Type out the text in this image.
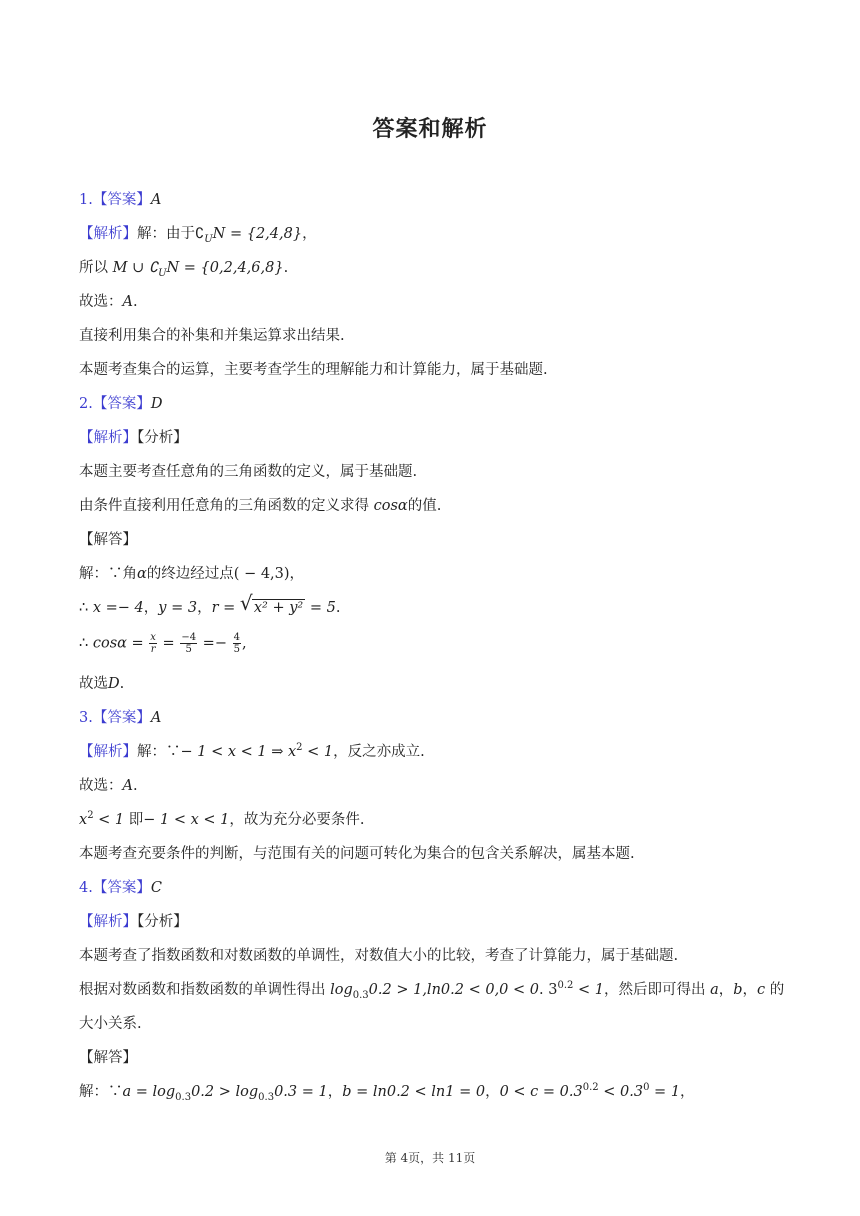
答案和解析
1.【答案】A
【解析】解：由于$∁_UN = \{2,4,8\}$，
所以 M ∪ $∁_UN = \{0,2,4,6,8\}$.
故选：A.
直接利用集合的补集和并集运算求出结果.
本题考查集合的运算，主要考查学生的理解能力和计算能力，属于基础题.
2.【答案】D
【解析】【分析】
本题主要考查任意角的三角函数的定义，属于基础题.
由条件直接利用任意角的三角函数的定义求得 cosα的值.
【解答】
解：∵角α的终边经过点( − 4,3)，
∴ x =− 4，y = 3，r = √ x² + y² = 5.
∴ $\cos\alpha = \frac{x}{r} = \frac{-4}{5} =- \frac{4}{5}$ ,
故选D.
3.【答案】A
【解析】解：∵− 1 < x < 1 ⇒ $x^2 < 1$，反之亦成立.
故选：A.
$x^2 < 1$ 即− 1 < x < 1，故为充分必要条件.
本题考查充要条件的判断，与范围有关的问题可转化为集合的包含关系解决，属基本题.
4.【答案】C
【解析】【分析】
本题考查了指数函数和对数函数的单调性，对数值大小的比较，考查了计算能力，属于基础题.
根据对数函数和指数函数的单调性得出 $\log_{0.3}0.2 > 1,\ln 0.2 < 0,0 < 0$. $3^{0.2} < 1$，然后即可得出 a，b，c 的
大小关系.
【解答】
解：∵a = $\log_{0.3}0.2 > \log_{0.3}0.3 = 1$，b = ln0.2 < ln1 = 0，$0 < c = 0.3^{0.2} < 0.3^0 = 1$，
第 4页，共 11页
